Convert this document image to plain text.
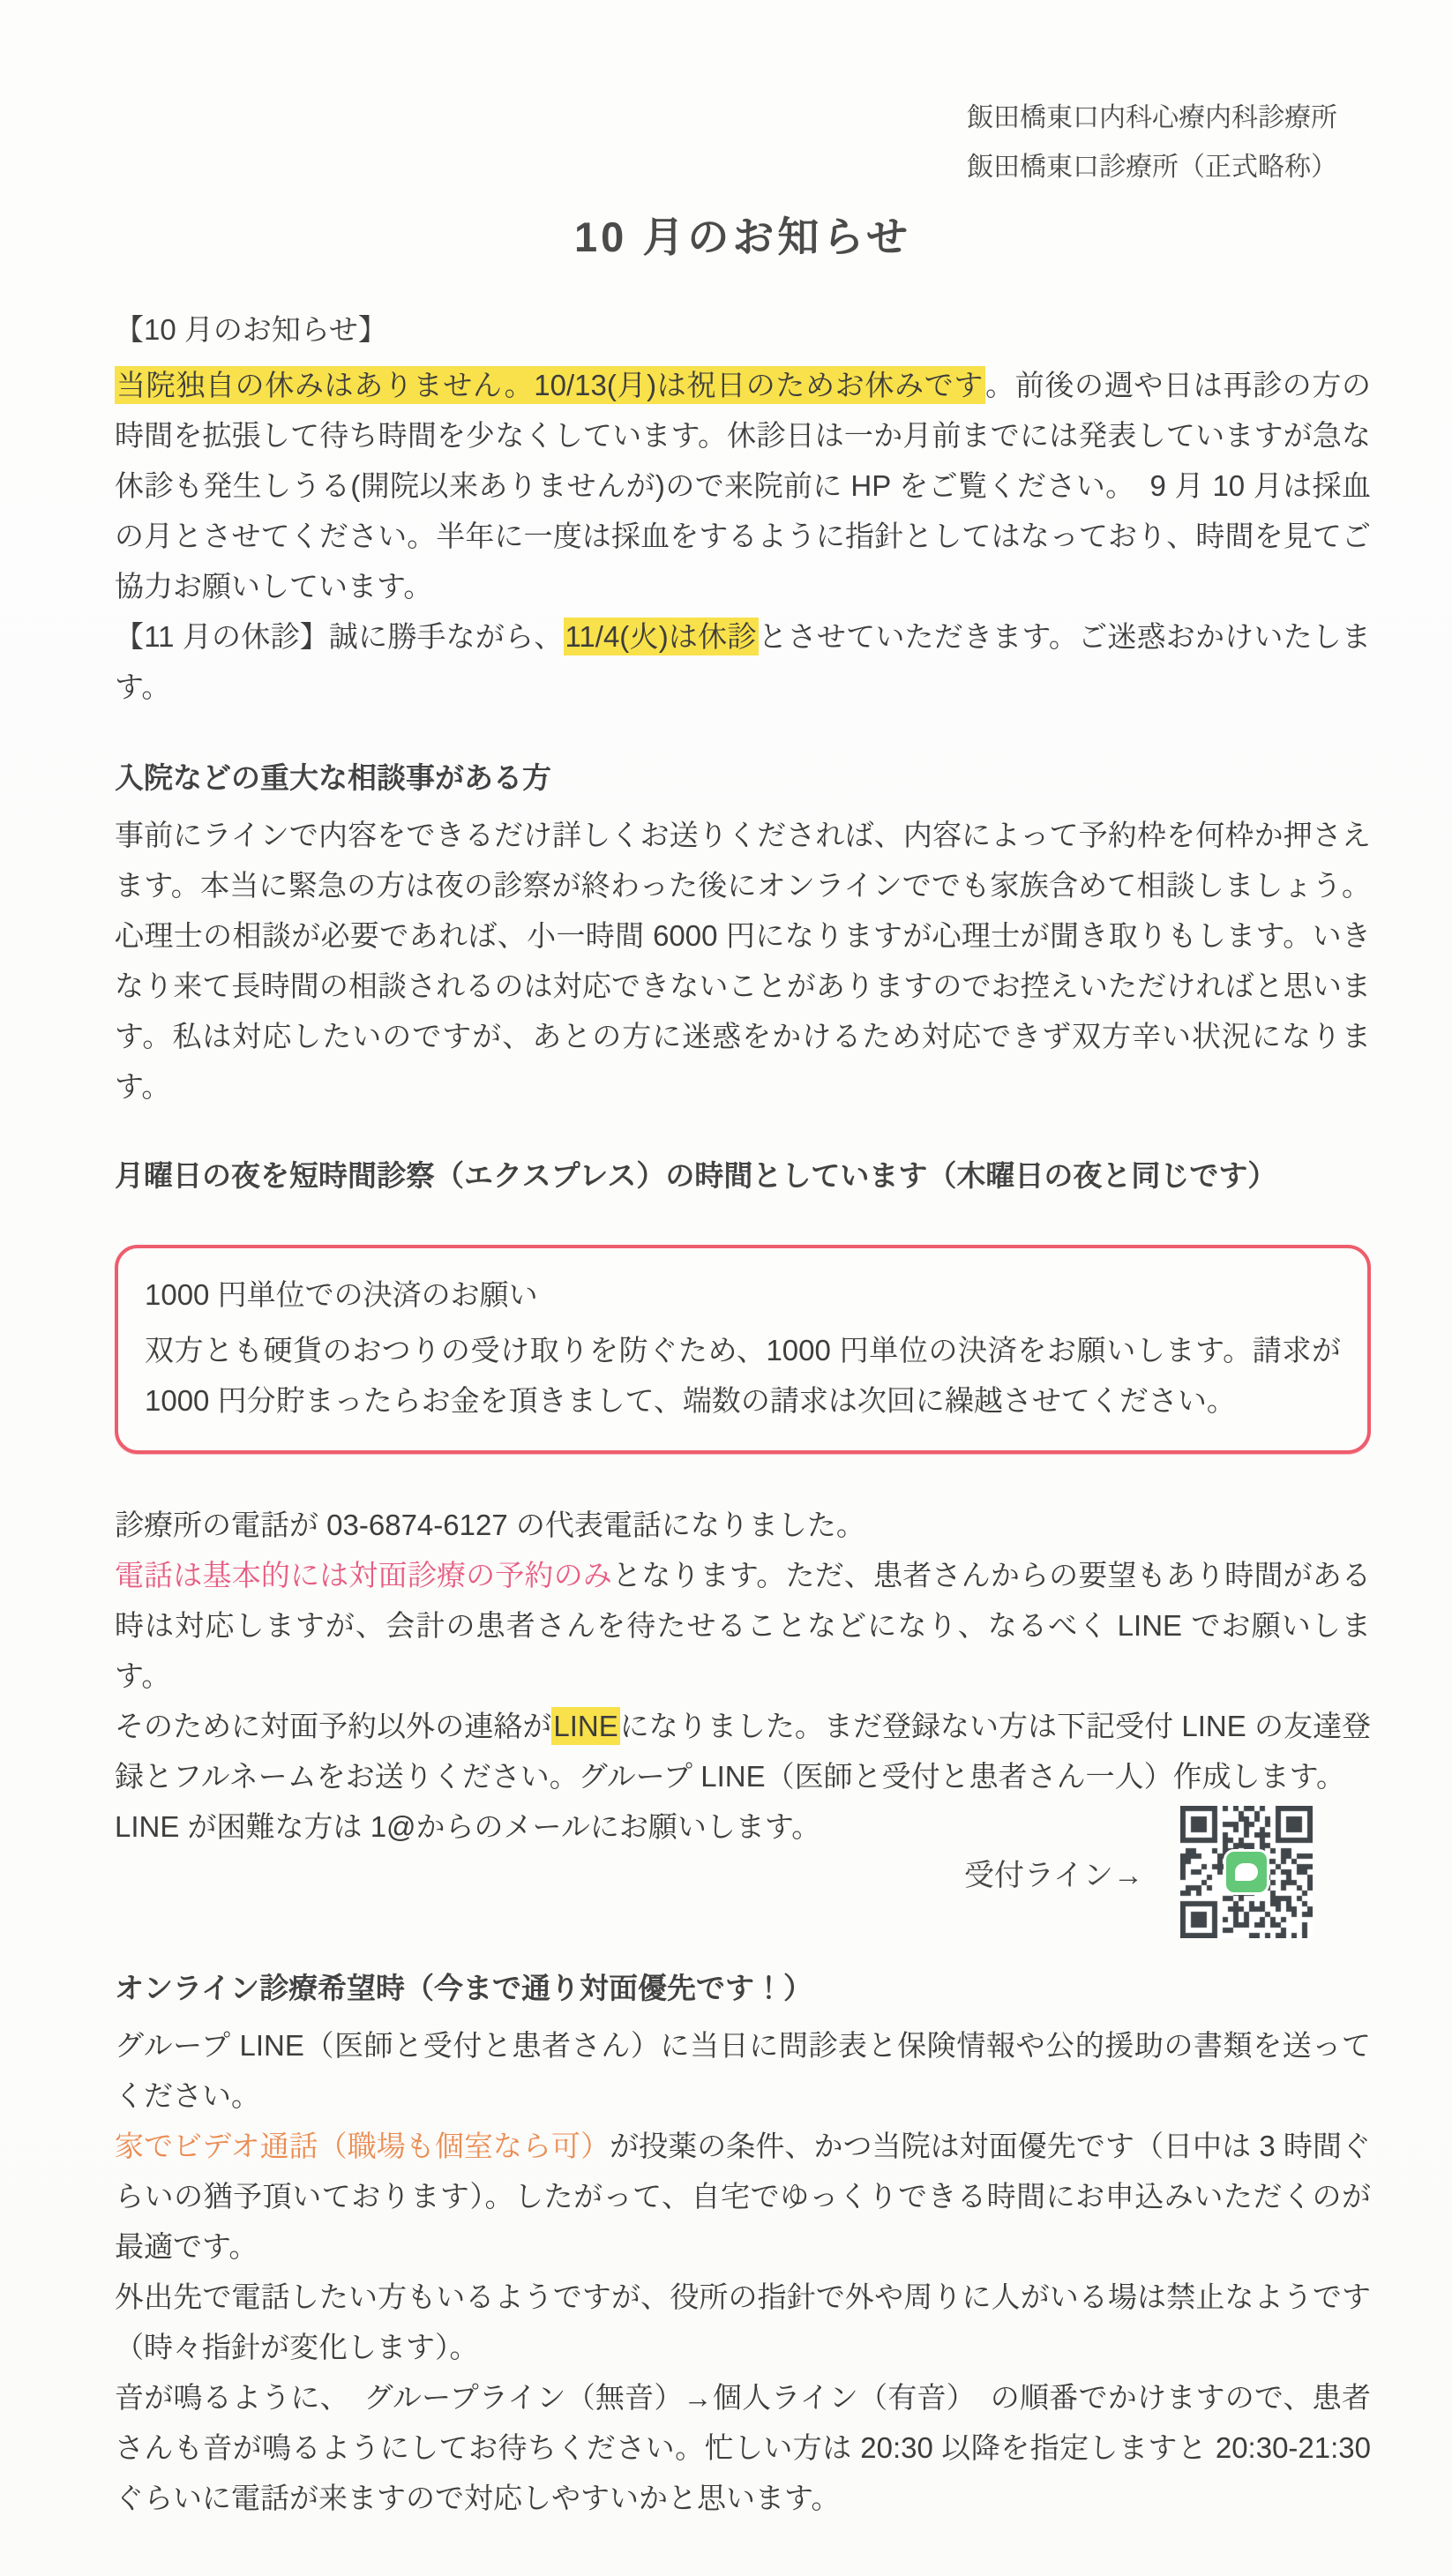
飯田橋東口内科心療内科診療所
飯田橋東口診療所（正式略称）
10 月のお知らせ

【10 月のお知らせ】

当院独自の休みはありません。10/13(月)は祝日のためお休みです。前後の週や日は再診の方の時間を拡張して待ち時間を少なくしています。休診日は一か月前までには発表していますが急な休診も発生しうる(開院以来ありませんが)ので来院前に HP をご覧ください。　9 月 10 月は採血の月とさせてください。半年に一度は採血をするように指針としてはなっており、時間を見てご協力お願いしています。

【11 月の休診】誠に勝手ながら、11/4(火)は休診とさせていただきます。ご迷惑おかけいたします。

入院などの重大な相談事がある方

事前にラインで内容をできるだけ詳しくお送りくだされば、内容によって予約枠を何枠か押さえます。本当に緊急の方は夜の診察が終わった後にオンラインででも家族含めて相談しましょう。心理士の相談が必要であれば、小一時間 6000 円になりますが心理士が聞き取りもします。いきなり来て長時間の相談されるのは対応できないことがありますのでお控えいただければと思います。私は対応したいのですが、あとの方に迷惑をかけるため対応できず双方辛い状況になります。

月曜日の夜を短時間診察（エクスプレス）の時間としています（木曜日の夜と同じです）

1000 円単位での決済のお願い

双方とも硬貨のおつりの受け取りを防ぐため、1000 円単位の決済をお願いします。請求が 1000 円分貯まったらお金を頂きまして、端数の請求は次回に繰越させてください。

診療所の電話が 03-6874-6127 の代表電話になりました。

電話は基本的には対面診療の予約のみとなります。ただ、患者さんからの要望もあり時間がある時は対応しますが、会計の患者さんを待たせることなどになり、なるべく LINE でお願いします。

そのために対面予約以外の連絡がLINEになりました。まだ登録ない方は下記受付 LINE の友達登録とフルネームをお送りください。グループ LINE（医師と受付と患者さん一人）作成します。

LINE が困難な方は 1@からのメールにお願いします。

受付ライン→

オンライン診療希望時（今まで通り対面優先です！）

グループ LINE（医師と受付と患者さん）に当日に問診表と保険情報や公的援助の書類を送ってください。

家でビデオ通話（職場も個室なら可）が投薬の条件、かつ当院は対面優先です（日中は 3 時間ぐらいの猶予頂いております）。したがって、自宅でゆっくりできる時間にお申込みいただくのが最適です。

外出先で電話したい方もいるようですが、役所の指針で外や周りに人がいる場は禁止なようです（時々指針が変化します）。

音が鳴るように、　グループライン（無音）→個人ライン（有音）　の順番でかけますので、患者さんも音が鳴るようにしてお待ちください。忙しい方は 20:30 以降を指定しますと 20:30-21:30 ぐらいに電話が来ますので対応しやすいかと思います。
